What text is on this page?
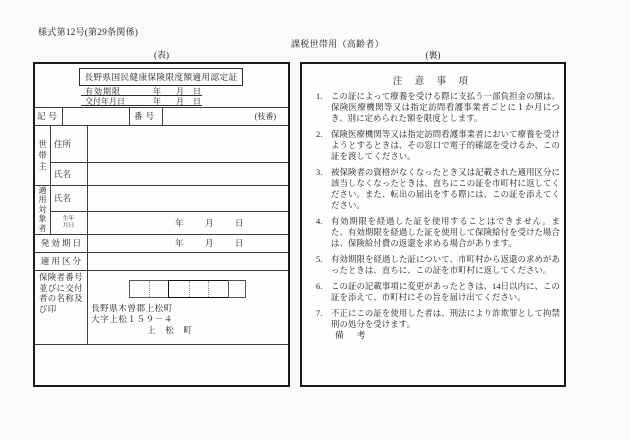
様式第12号(第29条関係)
課税世帯用（高齢者）
(表)	(裏)
長野県国民健康保険限度額適用認定証
有効期限	年 月 日
交付年月日	年 月 日
記号	番号	(枝番)
世帯主
住所
氏名
適用対象者
氏名
生年月日	年	月	日
発 効 期 日	年	月	日
適 用 区 分
保険者番号並びに交付者の名称及び印	長野県木曽郡上松町
大字上松１５９－４
上　松　町
注 意 事 項
1.	この証によって療養を受ける際に支払う一部負担金の額は、保険医療機関等又は指定訪問看護事業者ごとに１か月につき、別に定められた額を限度とします。
2.	保険医療機関等又は指定訪問看護事業者において療養を受けようとするときは、その窓口で電子的確認を受けるか、この証を渡してください。
3.	被保険者の資格がなくなったとき又は記載された適用区分に該当しなくなったときは、直ちにこの証を市町村に返してください。また、転出の届出をする際には、この証を添えてください。
4.	有効期限を経過した証を使用することはできません。また、有効期限を経過した証を使用して保険給付を受けた場合は、保険給付費の返還を求める場合があります。
5.	有効期限を経過した証について、市町村から返還の求めがあったときは、直ちに、この証を市町村に返してください。
6.	この証の記載事項に変更があったときは、14日以内に、この証を添えて、市町村にその旨を届け出てください。
7.	不正にこの証を使用した者は、刑法により詐欺罪として拘禁刑の処分を受けます。
備　考
